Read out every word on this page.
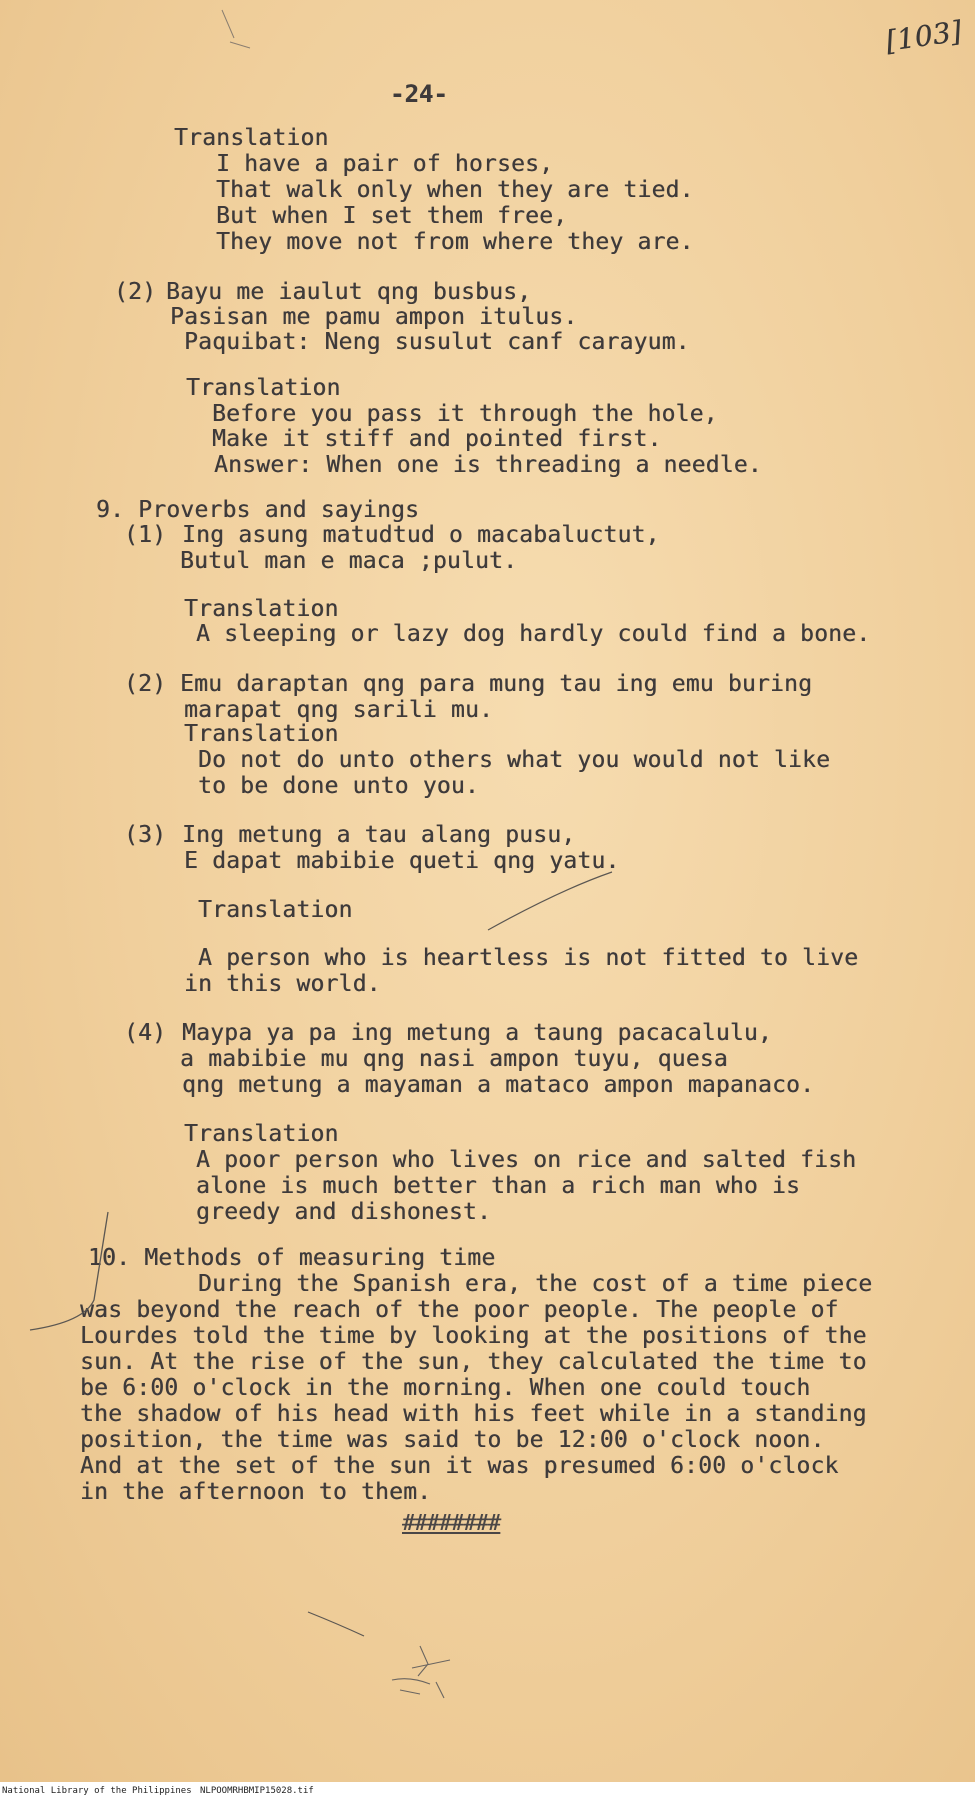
[103]
-24-
Translation
I have a pair of horses,
That walk only when they are tied.
But when I set them free,
They move not from where they are.
(2) Bayu me iaulut qng busbus,
Pasisan me pamu ampon itulus.
Paquibat: Neng susulut canf carayum.
Translation
Before you pass it through the hole,
Make it stiff and pointed first.
Answer: When one is threading a needle.
9. Proverbs and sayings
(1) Ing asung matudtud o macabaluctut,
Butul man e maca ;pulut.
Translation
A sleeping or lazy dog hardly could find a bone.
(2) Emu daraptan qng para mung tau ing emu buring
marapat qng sarili mu.
Translation
Do not do unto others what you would not like
to be done unto you.
(3) Ing metung a tau alang pusu,
E dapat mabibie queti qng yatu.
Translation
A person who is heartless is not fitted to live
in this world.
(4) Maypa ya pa ing metung a taung pacacalulu,
a mabibie mu qng nasi ampon tuyu, quesa
qng metung a mayaman a mataco ampon mapanaco.
Translation
A poor person who lives on rice and salted fish
alone is much better than a rich man who is
greedy and dishonest.
10. Methods of measuring time
During the Spanish era, the cost of a time piece
was beyond the reach of the poor people. The people of
Lourdes told the time by looking at the positions of the
sun. At the rise of the sun, they calculated the time to
be 6:00 o'clock in the morning. When one could touch
the shadow of his head with his feet while in a standing
position, the time was said to be 12:00 o'clock noon.
And at the set of the sun it was presumed 6:00 o'clock
in the afternoon to them.
########
National Library of the Philippines NLPOOMRHBMIP15028.tif
